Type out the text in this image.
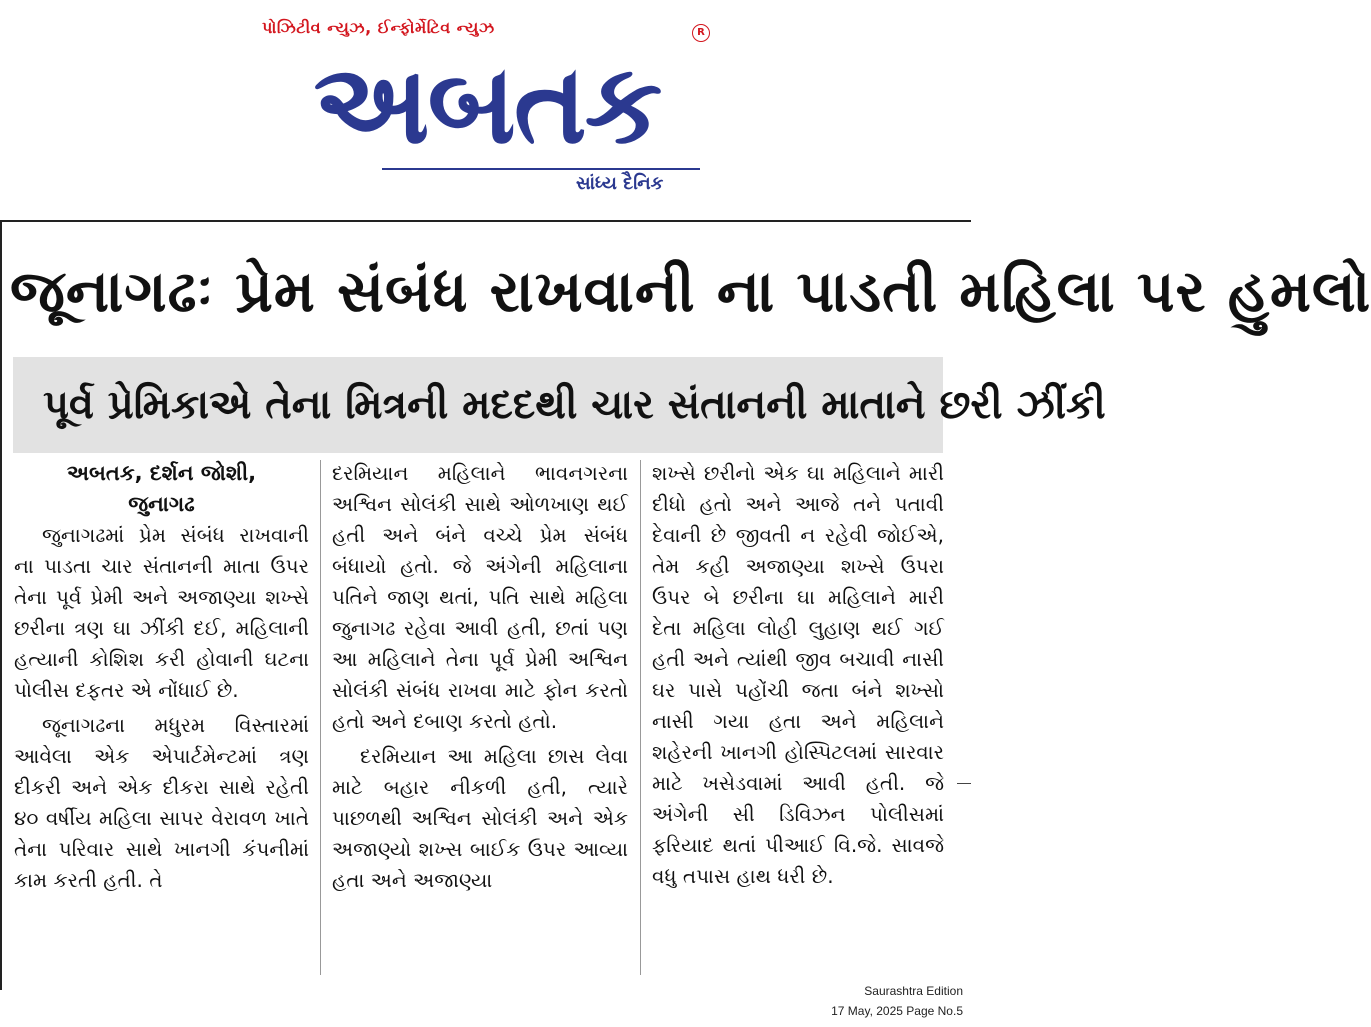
પોઝિટીવ ન્યુઝ, ઈન્ફોર્મેટિવ ન્યુઝ	R
અબતક
સાંધ્ય દૈનિક
જૂનાગઢઃ પ્રેમ સંબંધ રાખવાની ના પાડતી મહિલા પર હુમલો
પૂર્વ પ્રેમિકાએ તેના મિત્રની મદદથી ચાર સંતાનની માતાને છરી ઝીંકી

અબતક, દર્શન જોશી,

જુનાગઢ

જુનાગઢમાં પ્રેમ સંબંધ રાખવાની ના પાડતા ચાર સંતાનની માતા ઉપર તેના પૂર્વ પ્રેમી અને અજાણ્યા શખ્સે છરીના ત્રણ ઘા ઝીંકી દઈ, મહિલાની હત્યાની કોશિશ કરી હોવાની ઘટના પોલીસ દફતર એ નોંધાઈ છે.

જૂનાગઢના મધુરમ વિસ્તારમાં આવેલા એક એપાર્ટમેન્ટમાં ત્રણ દીકરી અને એક દીકરા સાથે રહેતી ૪૦ વર્ષીય મહિલા સાપર વેરાવળ ખાતે તેના પરિવાર સાથે ખાનગી કંપનીમાં કામ કરતી હતી. તે

દરમિયાન મહિલાને ભાવનગરના અશ્વિન સોલંકી સાથે ઓળખાણ થઈ હતી અને બંને વચ્ચે પ્રેમ સંબંધ બંધાયો હતો. જે અંગેની મહિલાના પતિને જાણ થતાં, પતિ સાથે મહિલા જુનાગઢ રહેવા આવી હતી, છતાં પણ આ મહિલાને તેના પૂર્વ પ્રેમી અશ્વિન સોલંકી સંબંધ રાખવા માટે ફોન કરતો હતો અને દબાણ કરતો હતો.

દરમિયાન આ મહિલા છાસ લેવા માટે બહાર નીકળી હતી, ત્યારે પાછળથી અશ્વિન સોલંકી અને એક અજાણ્યો શખ્સ બાઈક ઉપર આવ્યા હતા અને અજાણ્યા

શખ્સે છરીનો એક ઘા મહિલાને મારી દીધો હતો અને આજે તને પતાવી દેવાની છે જીવતી ન રહેવી જોઈએ, તેમ કહી અજાણ્યા શખ્સે ઉપરા ઉપર બે છરીના ઘા મહિલાને મારી દેતા મહિલા લોહી લુહાણ થઈ ગઈ હતી અને ત્યાંથી જીવ બચાવી નાસી ઘર પાસે પહોંચી જતા બંને શખ્સો નાસી ગયા હતા અને મહિલાને શહેરની ખાનગી હોસ્પિટલમાં સારવાર માટે ખસેડવામાં આવી હતી. જે અંગેની સી ડિવિઝન પોલીસમાં ફરિયાદ થતાં પીઆઈ વિ.જે. સાવજે વધુ તપાસ હાથ ધરી છે.

Saurashtra Edition
17 May, 2025 Page No.5
